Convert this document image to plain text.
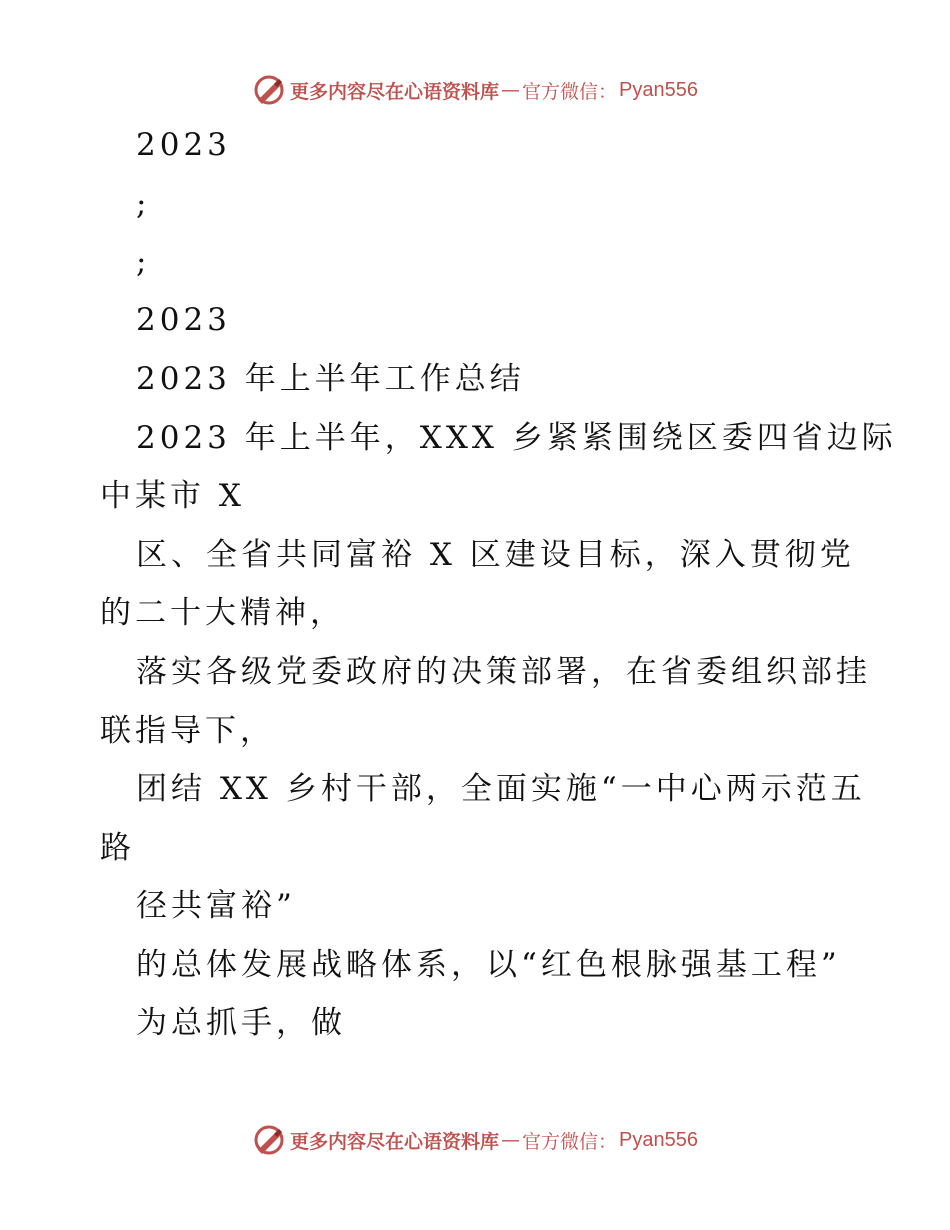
更多内容尽在心语资料库 — 官方微信： Pyan556
2023
;
;
2023
2023 年上半年工作总结
2023 年上半年，XXX 乡紧紧围绕区委四省边际
中某市 X
区、全省共同富裕 X 区建设目标，深入贯彻党
的二十大精神，
落实各级党委政府的决策部署，在省委组织部挂
联指导下，
团结 XX 乡村干部，全面实施“一中心两示范五
路
径共富裕”
的总体发展战略体系，以“红色根脉强基工程”
为总抓手，做
更多内容尽在心语资料库 — 官方微信： Pyan556
